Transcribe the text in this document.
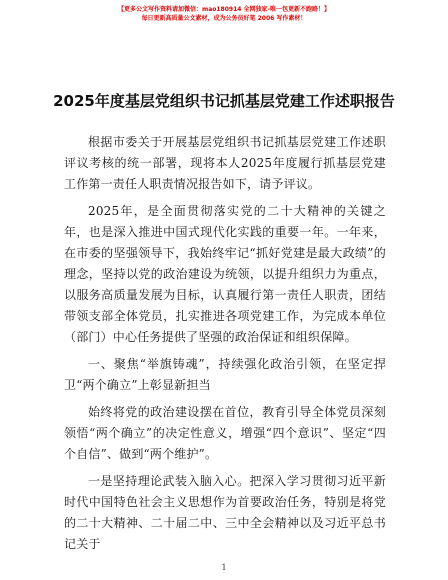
【更多公文写作资料请加微信：mao180914 全网独家-唯一包更新不跑路！】
每日更新高质量公文素材，成为公务员好笔 2006 写作素材！
2025年度基层党组织书记抓基层党建工作述职报告

根据市委关于开展基层党组织书记抓基层党建工作述职评议考核的统一部署，现将本人2025年度履行抓基层党建工作第一责任人职责情况报告如下，请予评议。

2025年，是全面贯彻落实党的二十大精神的关键之年，也是深入推进中国式现代化实践的重要一年。一年来，在市委的坚强领导下，我始终牢记“抓好党建是最大政绩”的理念，坚持以党的政治建设为统领，以提升组织力为重点，以服务高质量发展为目标，认真履行第一责任人职责，团结带领支部全体党员，扎实推进各项党建工作，为完成本单位（部门）中心任务提供了坚强的政治保证和组织保障。

一、聚焦“举旗铸魂”，持续强化政治引领，在坚定捍卫“两个确立”上彰显新担当

始终将党的政治建设摆在首位，教育引导全体党员深刻领悟“两个确立”的决定性意义，增强“四个意识”、坚定“四个自信”、做到“两个维护”。

一是坚持理论武装入脑入心。把深入学习贯彻习近平新时代中国特色社会主义思想作为首要政治任务，特别是将党的二十大精神、二十届二中、三中全会精神以及习近平总书记关于

1
